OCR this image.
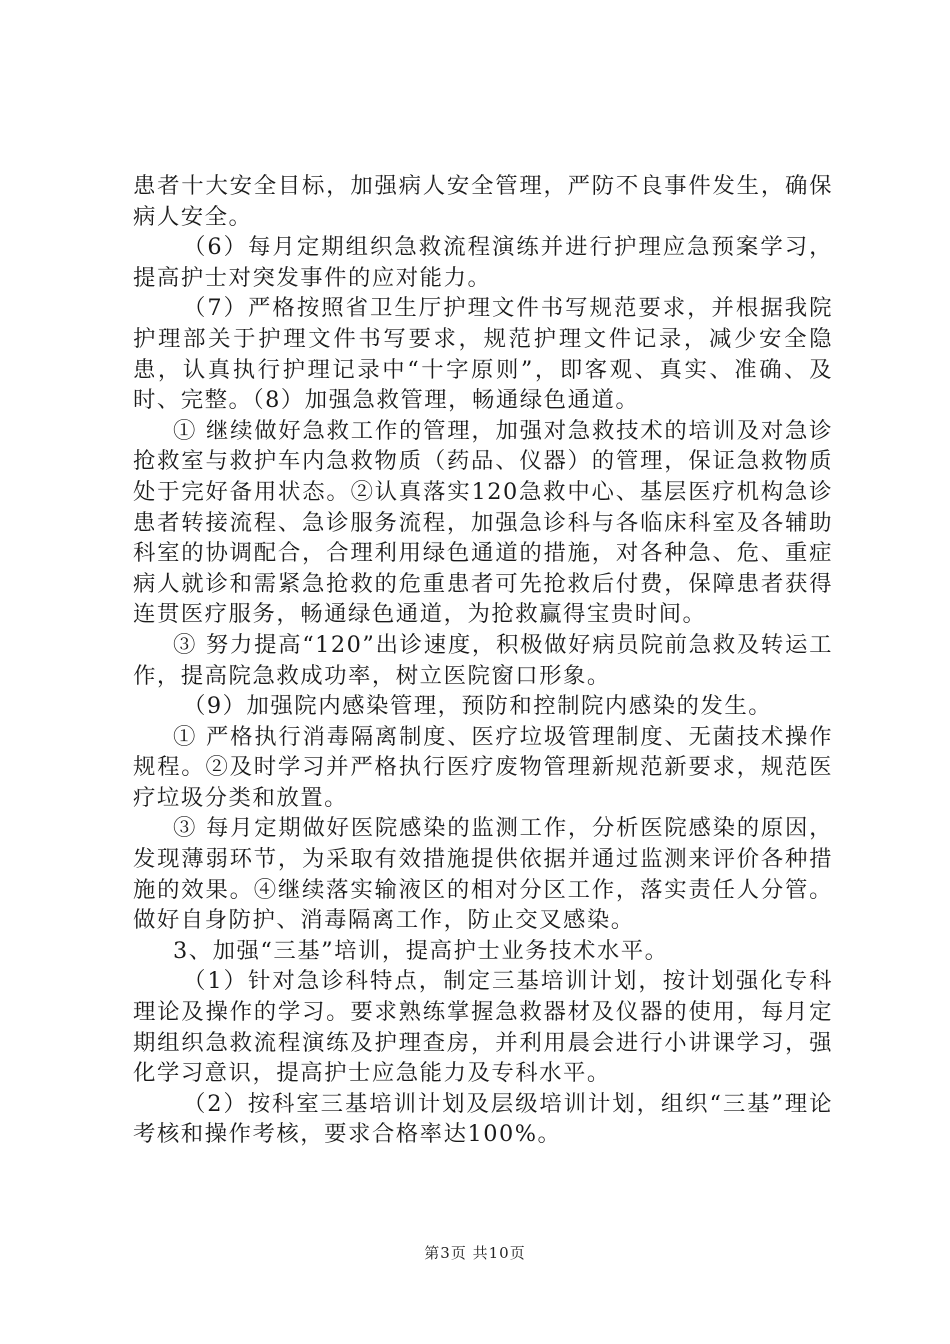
患者十大安全目标，加强病人安全管理，严防不良事件发生，确保病人安全。

（6）每月定期组织急救流程演练并进行护理应急预案学习，提高护士对突发事件的应对能力。

（7）严格按照省卫生厅护理文件书写规范要求，并根据我院护理部关于护理文件书写要求，规范护理文件记录，减少安全隐患，认真执行护理记录中“十字原则”，即客观、真实、准确、及时、完整。（8）加强急救管理，畅通绿色通道。

① 继续做好急救工作的管理，加强对急救技术的培训及对急诊抢救室与救护车内急救物质（药品、仪器）的管理，保证急救物质处于完好备用状态。②认真落实120急救中心、基层医疗机构急诊患者转接流程、急诊服务流程，加强急诊科与各临床科室及各辅助科室的协调配合，合理利用绿色通道的措施，对各种急、危、重症病人就诊和需紧急抢救的危重患者可先抢救后付费，保障患者获得连贯医疗服务，畅通绿色通道，为抢救赢得宝贵时间。

③ 努力提高“120”出诊速度，积极做好病员院前急救及转运工作，提高院急救成功率，树立医院窗口形象。

（9）加强院内感染管理，预防和控制院内感染的发生。

① 严格执行消毒隔离制度、医疗垃圾管理制度、无菌技术操作规程。②及时学习并严格执行医疗废物管理新规范新要求，规范医疗垃圾分类和放置。

③ 每月定期做好医院感染的监测工作，分析医院感染的原因，发现薄弱环节，为采取有效措施提供依据并通过监测来评价各种措施的效果。④继续落实输液区的相对分区工作，落实责任人分管。做好自身防护、消毒隔离工作，防止交叉感染。

3、加强“三基”培训，提高护士业务技术水平。

（1）针对急诊科特点，制定三基培训计划，按计划强化专科理论及操作的学习。要求熟练掌握急救器材及仪器的使用，每月定期组织急救流程演练及护理查房，并利用晨会进行小讲课学习，强化学习意识，提高护士应急能力及专科水平。

（2）按科室三基培训计划及层级培训计划，组织“三基”理论考核和操作考核，要求合格率达100%。

第3页 共10页
